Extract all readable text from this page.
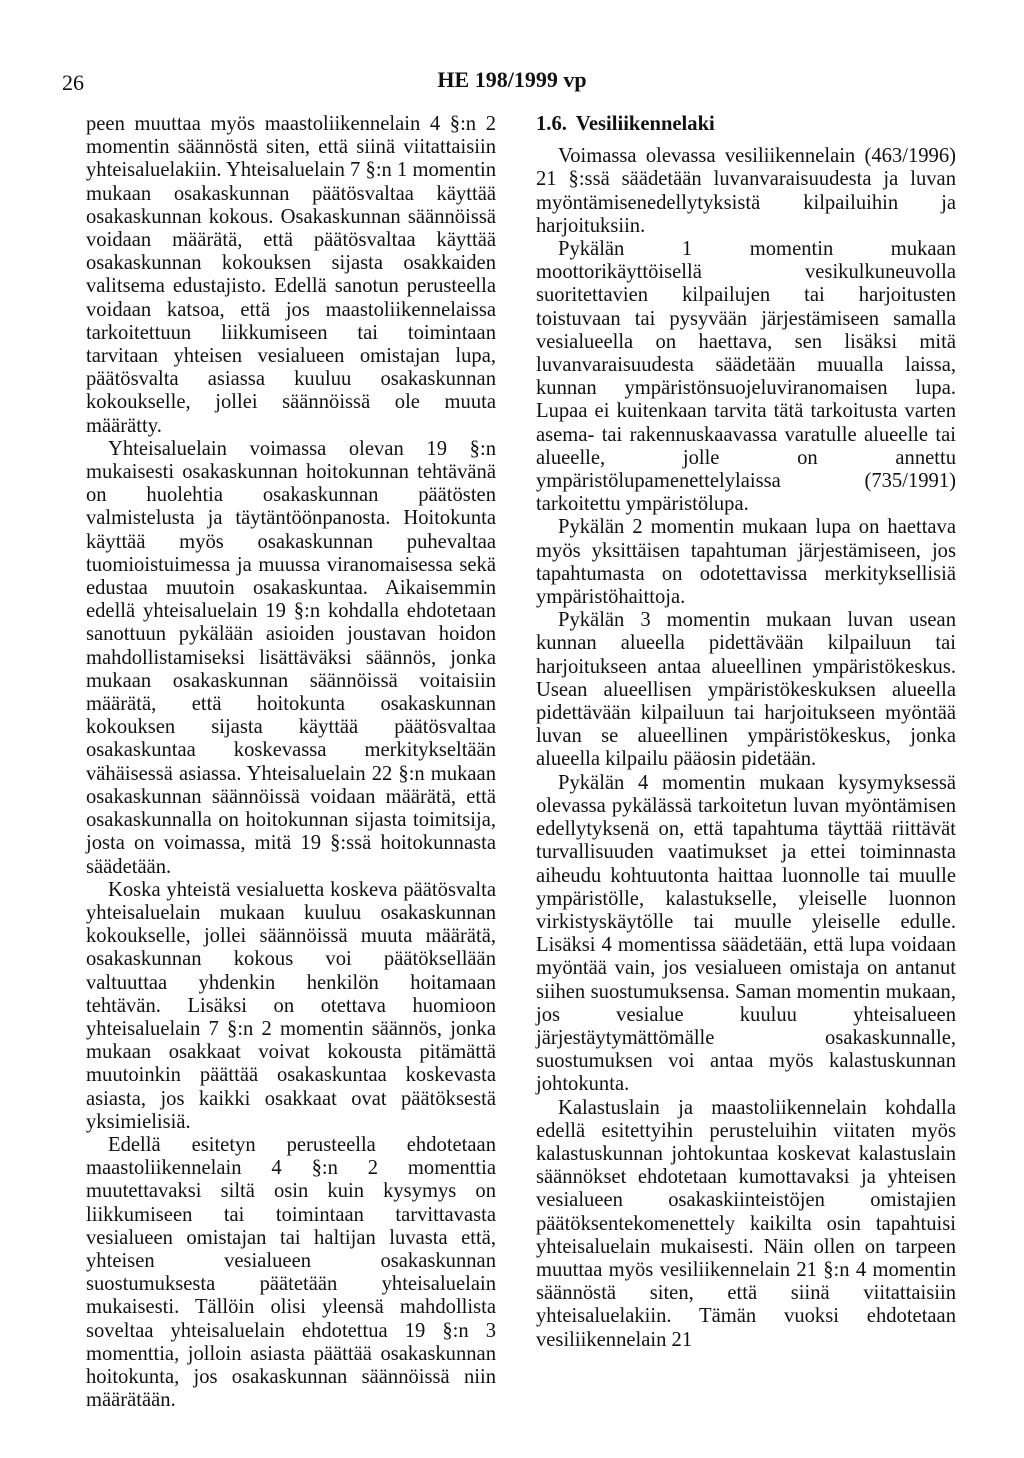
26	HE 198/1999 vp

peen muuttaa myös maastoliikennelain 4 §:n 2 momentin säännöstä siten, että siinä viitattaisiin yhteisaluelakiin. Yhteisaluelain 7 §:n 1 momentin mukaan osakaskunnan päätösvaltaa käyttää osakaskunnan kokous. Osakaskunnan säännöissä voidaan määrätä, että päätösvaltaa käyttää osakaskunnan kokouksen sijasta osakkaiden valitsema edustajisto. Edellä sanotun perusteella voidaan katsoa, että jos maastoliikennelaissa tarkoitettuun liikkumiseen tai toimintaan tarvitaan yhteisen vesialueen omistajan lupa, päätösvalta asiassa kuuluu osakaskunnan kokoukselle, jollei säännöissä ole muuta määrätty.

Yhteisaluelain voimassa olevan 19 §:n mukaisesti osakaskunnan hoitokunnan tehtävänä on huolehtia osakaskunnan päätösten valmistelusta ja täytäntöönpanosta. Hoitokunta käyttää myös osakaskunnan puhevaltaa tuomioistuimessa ja muussa viranomaisessa sekä edustaa muutoin osakaskuntaa. Aikaisemmin edellä yhteisaluelain 19 §:n kohdalla ehdotetaan sanottuun pykälään asioiden joustavan hoidon mahdollistamiseksi lisättäväksi säännös, jonka mukaan osakaskunnan säännöissä voitaisiin määrätä, että hoitokunta osakaskunnan kokouksen sijasta käyttää päätösvaltaa osakaskuntaa koskevassa merkitykseltään vähäisessä asiassa. Yhteisaluelain 22 §:n mukaan osakaskunnan säännöissä voidaan määrätä, että osakaskunnalla on hoitokunnan sijasta toimitsija, josta on voimassa, mitä 19 §:ssä hoitokunnasta säädetään.

Koska yhteistä vesialuetta koskeva päätösvalta yhteisaluelain mukaan kuuluu osakaskunnan kokoukselle, jollei säännöissä muuta määrätä, osakaskunnan kokous voi päätöksellään valtuuttaa yhdenkin henkilön hoitamaan tehtävän. Lisäksi on otettava huomioon yhteisaluelain 7 §:n 2 momentin säännös, jonka mukaan osakkaat voivat kokousta pitämättä muutoinkin päättää osakaskuntaa koskevasta asiasta, jos kaikki osakkaat ovat päätöksestä yksimielisiä.

Edellä esitetyn perusteella ehdotetaan maastoliikennelain 4 §:n 2 momenttia muutettavaksi siltä osin kuin kysymys on liikkumiseen tai toimintaan tarvittavasta vesialueen omistajan tai haltijan luvasta että, yhteisen vesialueen osakaskunnan suostumuksesta päätetään yhteisaluelain mukaisesti. Tällöin olisi yleensä mahdollista soveltaa yhteisaluelain ehdotettua 19 §:n 3 momenttia, jolloin asiasta päättää osakaskunnan hoitokunta, jos osakaskunnan säännöissä niin määrätään.

1.6. Vesiliikennelaki

Voimassa olevassa vesiliikennelain (463/1996) 21 §:ssä säädetään luvanvaraisuudesta ja luvan myöntämisenedellytyksistä kilpailuihin ja harjoituksiin.

Pykälän 1 momentin mukaan moottorikäyttöisellä vesikulkuneuvolla suoritettavien kilpailujen tai harjoitusten toistuvaan tai pysyvään järjestämiseen samalla vesialueella on haettava, sen lisäksi mitä luvanvaraisuudesta säädetään muualla laissa, kunnan ympäristönsuojeluviranomaisen lupa. Lupaa ei kuitenkaan tarvita tätä tarkoitusta varten asema- tai rakennuskaavassa varatulle alueelle tai alueelle, jolle on annettu ympäristölupamenettelylaissa (735/1991) tarkoitettu ympäristölupa.

Pykälän 2 momentin mukaan lupa on haettava myös yksittäisen tapahtuman järjestämiseen, jos tapahtumasta on odotettavissa merkityksellisiä ympäristöhaittoja.

Pykälän 3 momentin mukaan luvan usean kunnan alueella pidettävään kilpailuun tai harjoitukseen antaa alueellinen ympäristökeskus. Usean alueellisen ympäristökeskuksen alueella pidettävään kilpailuun tai harjoitukseen myöntää luvan se alueellinen ympäristökeskus, jonka alueella kilpailu pääosin pidetään.

Pykälän 4 momentin mukaan kysymyksessä olevassa pykälässä tarkoitetun luvan myöntämisen edellytyksenä on, että tapahtuma täyttää riittävät turvallisuuden vaatimukset ja ettei toiminnasta aiheudu kohtuutonta haittaa luonnolle tai muulle ympäristölle, kalastukselle, yleiselle luonnon virkistyskäytölle tai muulle yleiselle edulle. Lisäksi 4 momentissa säädetään, että lupa voidaan myöntää vain, jos vesialueen omistaja on antanut siihen suostumuksensa. Saman momentin mukaan, jos vesialue kuuluu yhteisalueen järjestäytymättömälle osakaskunnalle, suostumuksen voi antaa myös kalastuskunnan johtokunta.

Kalastuslain ja maastoliikennelain kohdalla edellä esitettyihin perusteluihin viitaten myös kalastuskunnan johtokuntaa koskevat kalastuslain säännökset ehdotetaan kumottavaksi ja yhteisen vesialueen osakaskiinteistöjen omistajien päätöksentekomenettely kaikilta osin tapahtuisi yhteisaluelain mukaisesti. Näin ollen on tarpeen muuttaa myös vesiliikennelain 21 §:n 4 momentin säännöstä siten, että siinä viitattaisiin yhteisaluelakiin. Tämän vuoksi ehdotetaan vesiliikennelain 21
